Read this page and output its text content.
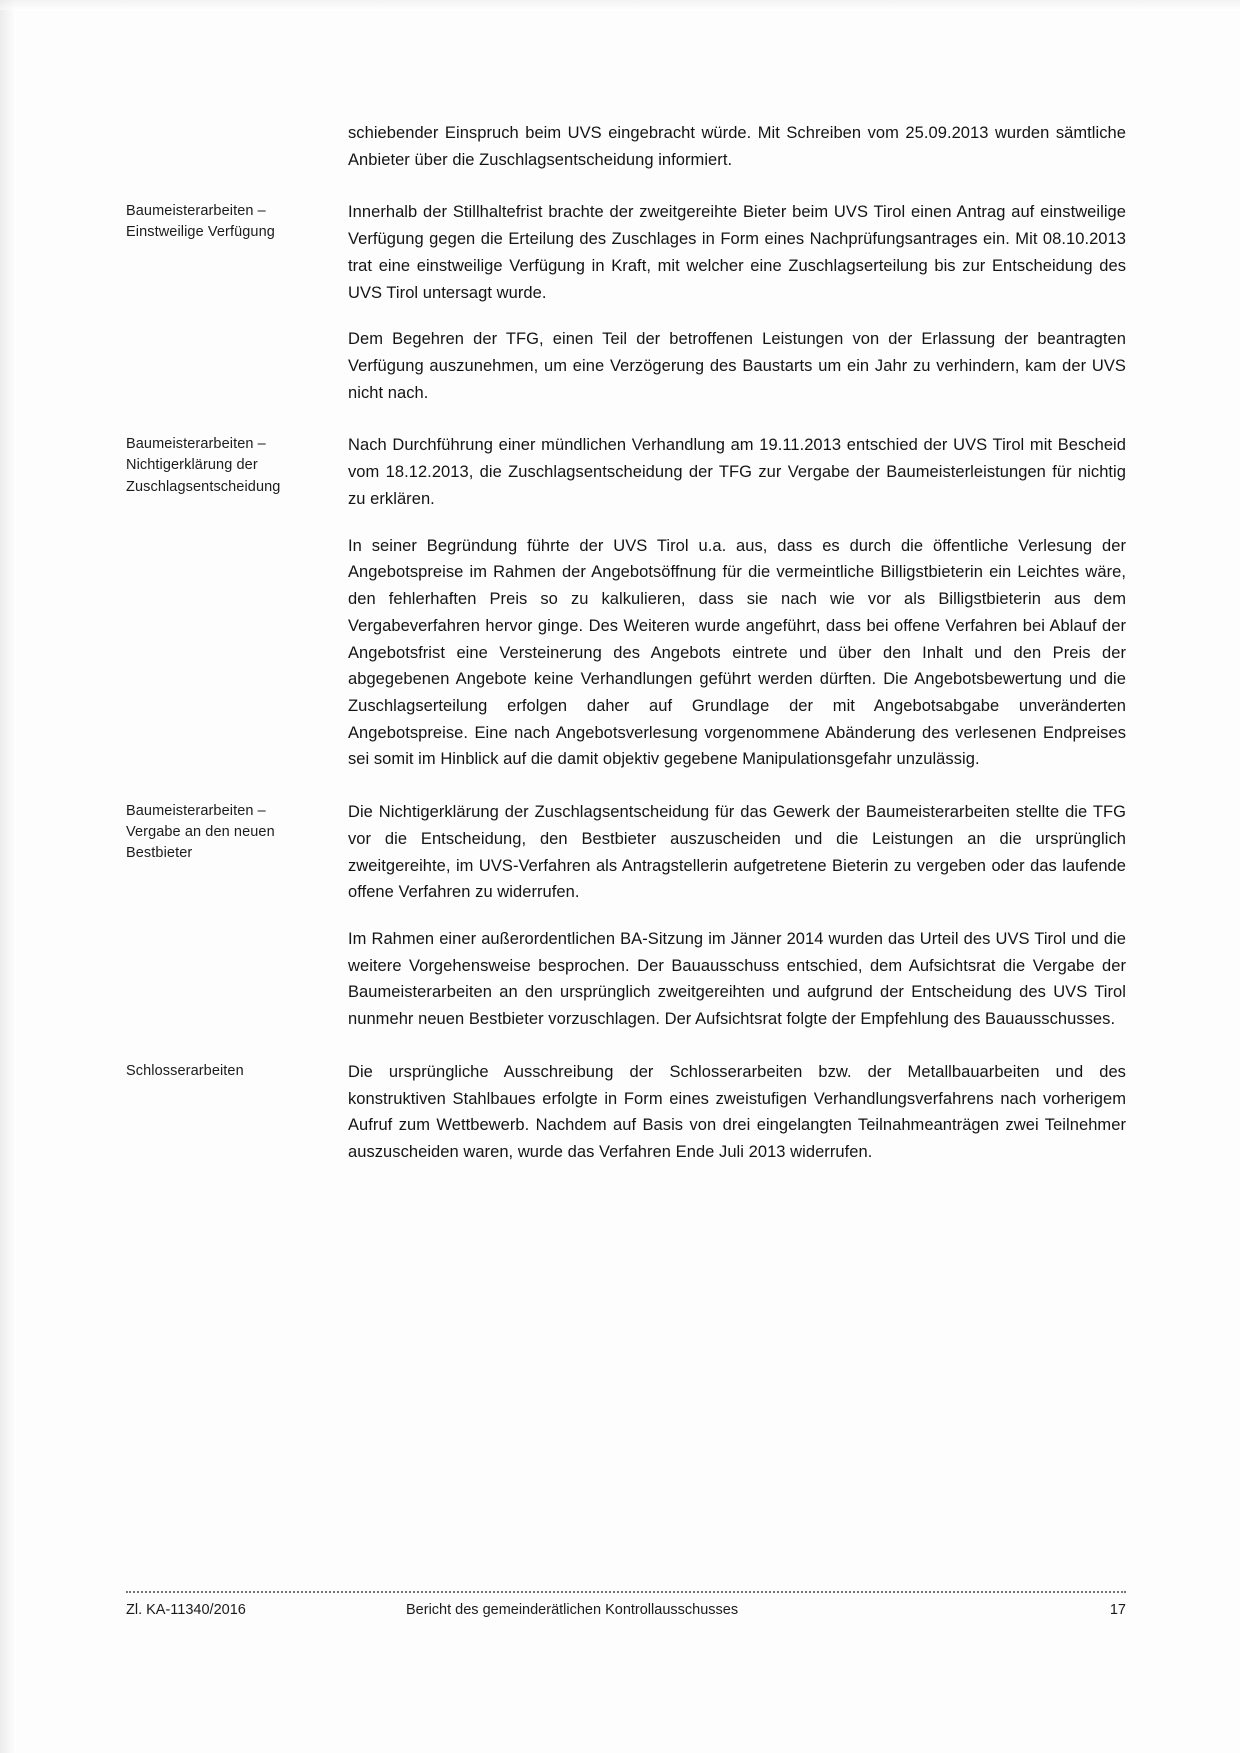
schiebender Einspruch beim UVS eingebracht würde. Mit Schreiben vom 25.09.2013 wurden sämtliche Anbieter über die Zuschlagsentscheidung informiert.

Baumeisterarbeiten –
Einstweilige Verfügung

Innerhalb der Stillhaltefrist brachte der zweitgereihte Bieter beim UVS Tirol einen Antrag auf einstweilige Verfügung gegen die Erteilung des Zuschlages in Form eines Nachprüfungsantrages ein. Mit 08.10.2013 trat eine einstweilige Verfügung in Kraft, mit welcher eine Zuschlagserteilung bis zur Entscheidung des UVS Tirol untersagt wurde.

Dem Begehren der TFG, einen Teil der betroffenen Leistungen von der Erlassung der beantragten Verfügung auszunehmen, um eine Verzögerung des Baustarts um ein Jahr zu verhindern, kam der UVS nicht nach.

Baumeisterarbeiten –
Nichtigerklärung der
Zuschlagsentscheidung

Nach Durchführung einer mündlichen Verhandlung am 19.11.2013 entschied der UVS Tirol mit Bescheid vom 18.12.2013, die Zuschlagsentscheidung der TFG zur Vergabe der Baumeisterleistungen für nichtig zu erklären.

In seiner Begründung führte der UVS Tirol u.a. aus, dass es durch die öffentliche Verlesung der Angebotspreise im Rahmen der Angebotsöffnung für die vermeintliche Billigstbieterin ein Leichtes wäre, den fehlerhaften Preis so zu kalkulieren, dass sie nach wie vor als Billigstbieterin aus dem Vergabeverfahren hervor ginge. Des Weiteren wurde angeführt, dass bei offene Verfahren bei Ablauf der Angebotsfrist eine Versteinerung des Angebots eintrete und über den Inhalt und den Preis der abgegebenen Angebote keine Verhandlungen geführt werden dürften. Die Angebotsbewertung und die Zuschlagserteilung erfolgen daher auf Grundlage der mit Angebotsabgabe unveränderten Angebotspreise. Eine nach Angebotsverlesung vorgenommene Abänderung des verlesenen Endpreises sei somit im Hinblick auf die damit objektiv gegebene Manipulationsgefahr unzulässig.

Baumeisterarbeiten –
Vergabe an den neuen
Bestbieter

Die Nichtigerklärung der Zuschlagsentscheidung für das Gewerk der Baumeisterarbeiten stellte die TFG vor die Entscheidung, den Bestbieter auszuscheiden und die Leistungen an die ursprünglich zweitgereihte, im UVS-Verfahren als Antragstellerin aufgetretene Bieterin zu vergeben oder das laufende offene Verfahren zu widerrufen.

Im Rahmen einer außerordentlichen BA-Sitzung im Jänner 2014 wurden das Urteil des UVS Tirol und die weitere Vorgehensweise besprochen. Der Bauausschuss entschied, dem Aufsichtsrat die Vergabe der Baumeisterarbeiten an den ursprünglich zweitgereihten und aufgrund der Entscheidung des UVS Tirol nunmehr neuen Bestbieter vorzuschlagen. Der Aufsichtsrat folgte der Empfehlung des Bauausschusses.

Schlosserarbeiten	Die ursprüngliche Ausschreibung der Schlosserarbeiten bzw. der Metallbauarbeiten und des konstruktiven Stahlbaues erfolgte in Form eines zweistufigen Verhandlungsverfahrens nach vorherigem Aufruf zum Wettbewerb. Nachdem auf Basis von drei eingelangten Teilnahmeanträgen zwei Teilnehmer auszuscheiden waren, wurde das Verfahren Ende Juli 2013 widerrufen.

Zl. KA-11340/2016	Bericht des gemeinderätlichen Kontrollausschusses	17
